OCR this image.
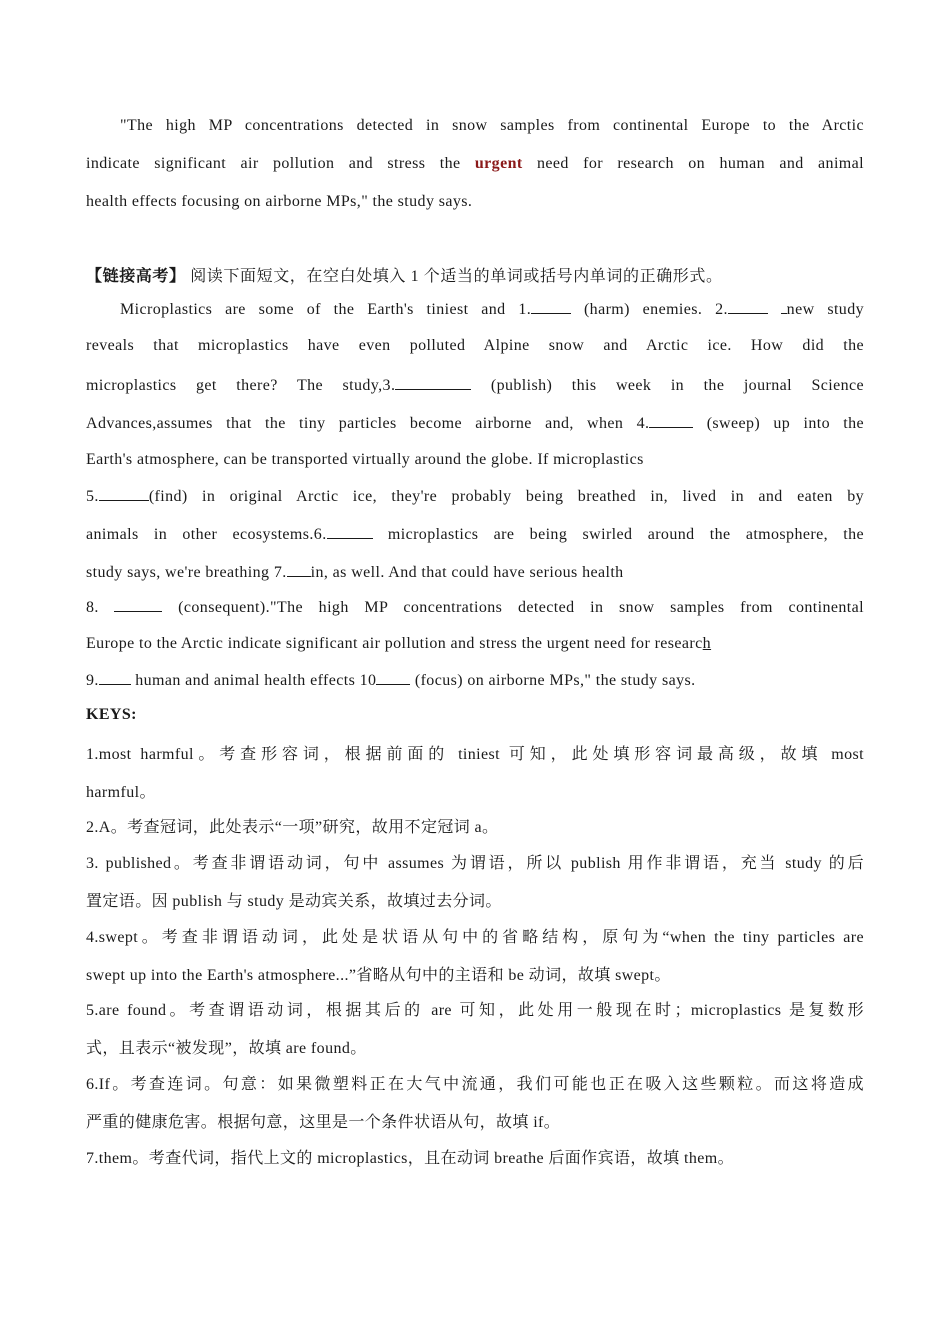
"The high MP concentrations detected in snow samples from continental Europe to the Arctic
indicate significant air pollution and stress the urgent need for research on human and animal
health effects focusing on airborne MPs," the study says.
【链接高考】 阅读下面短文，在空白处填入 1 个适当的单词或括号内单词的正确形式。
Microplastics are some of the Earth's tiniest and 1.	(harm) enemies. 2.	new study
reveals that microplastics have even polluted Alpine snow and Arctic ice. How did the
microplastics get there? The study,3.	(publish) this week in the journal Science
Advances,assumes that the tiny particles become airborne and, when 4.	(sweep) up into the
Earth's atmosphere, can be transported virtually around the globe. If microplastics
5.	(find) in original Arctic ice, they're probably being breathed in, lived in and eaten by
animals in other ecosystems.6.	microplastics are being swirled around the atmosphere, the
study says, we're breathing 7. in, as well. And that could have serious health
8.	(consequent)."The high MP concentrations detected in snow samples from continental
Europe to the Arctic indicate significant air pollution and stress the urgent need for research
9. human and animal health effects 10 (focus) on airborne MPs," the study says.
KEYS:
1.most harmful。考查形容词，根据前面的 tiniest 可知，此处填形容词最高级，故填 most
harmful。
2.A。考查冠词，此处表示“一项”研究，故用不定冠词 a。
3. published。考查非谓语动词，句中 assumes 为谓语，所以 publish 用作非谓语，充当 study 的后
置定语。因 publish 与 study 是动宾关系，故填过去分词。
4.swept。考查非谓语动词，此处是状语从句中的省略结构，原句为“when the tiny particles are
swept up into the Earth's atmosphere...”省略从句中的主语和 be 动词，故填 swept。
5.are found。考查谓语动词，根据其后的 are 可知，此处用一般现在时；microplastics 是复数形
式，且表示“被发现”，故填 are found。
6.If。考查连词。句意：如果微塑料正在大气中流通，我们可能也正在吸入这些颗粒。而这将造成
严重的健康危害。根据句意，这里是一个条件状语从句，故填 if。
7.them。考查代词，指代上文的 microplastics，且在动词 breathe 后面作宾语，故填 them。
